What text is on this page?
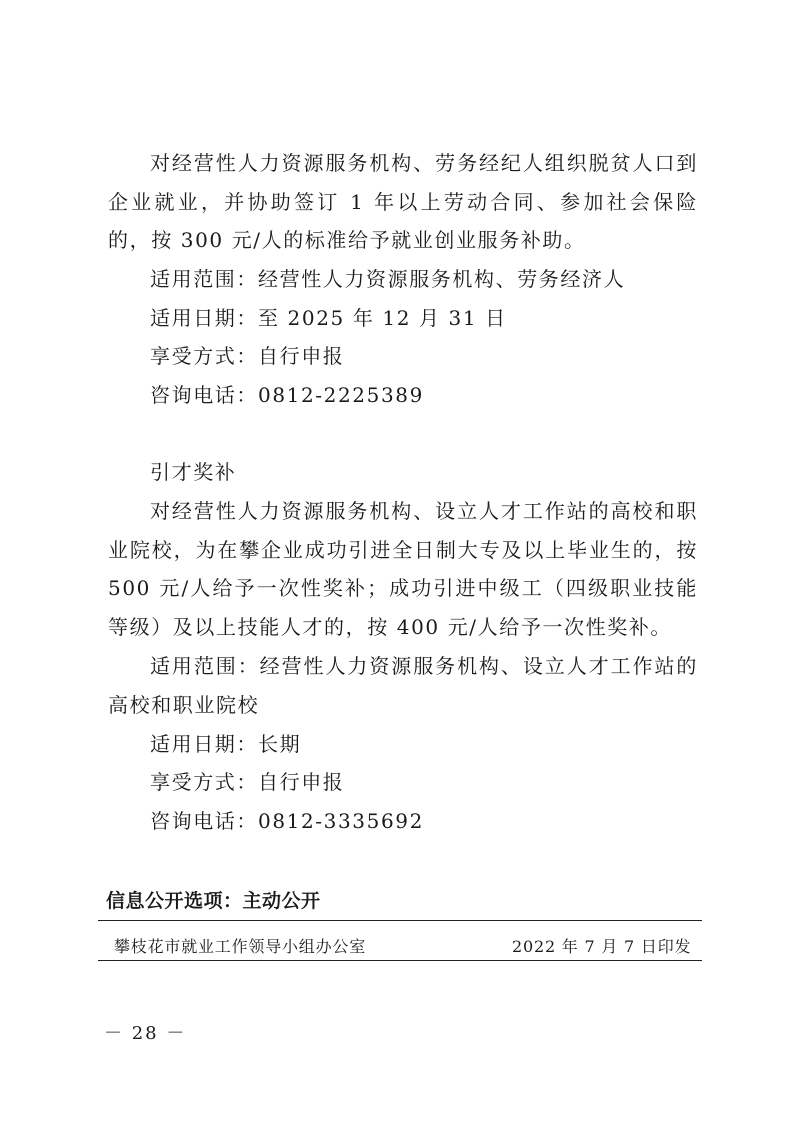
对经营性人力资源服务机构、劳务经纪人组织脱贫人口到企业就业，并协助签订 1 年以上劳动合同、参加社会保险的，按 300 元/人的标准给予就业创业服务补助。

适用范围：经营性人力资源服务机构、劳务经济人

适用日期：至 2025 年 12 月 31 日

享受方式：自行申报

咨询电话：0812-2225389

引才奖补

对经营性人力资源服务机构、设立人才工作站的高校和职业院校，为在攀企业成功引进全日制大专及以上毕业生的，按 500 元/人给予一次性奖补；成功引进中级工（四级职业技能等级）及以上技能人才的，按 400 元/人给予一次性奖补。

适用范围：经营性人力资源服务机构、设立人才工作站的高校和职业院校

适用日期：长期

享受方式：自行申报

咨询电话：0812-3335692

信息公开选项：主动公开
攀枝花市就业工作领导小组办公室	2022 年 7 月 7 日印发
－ 28 －
